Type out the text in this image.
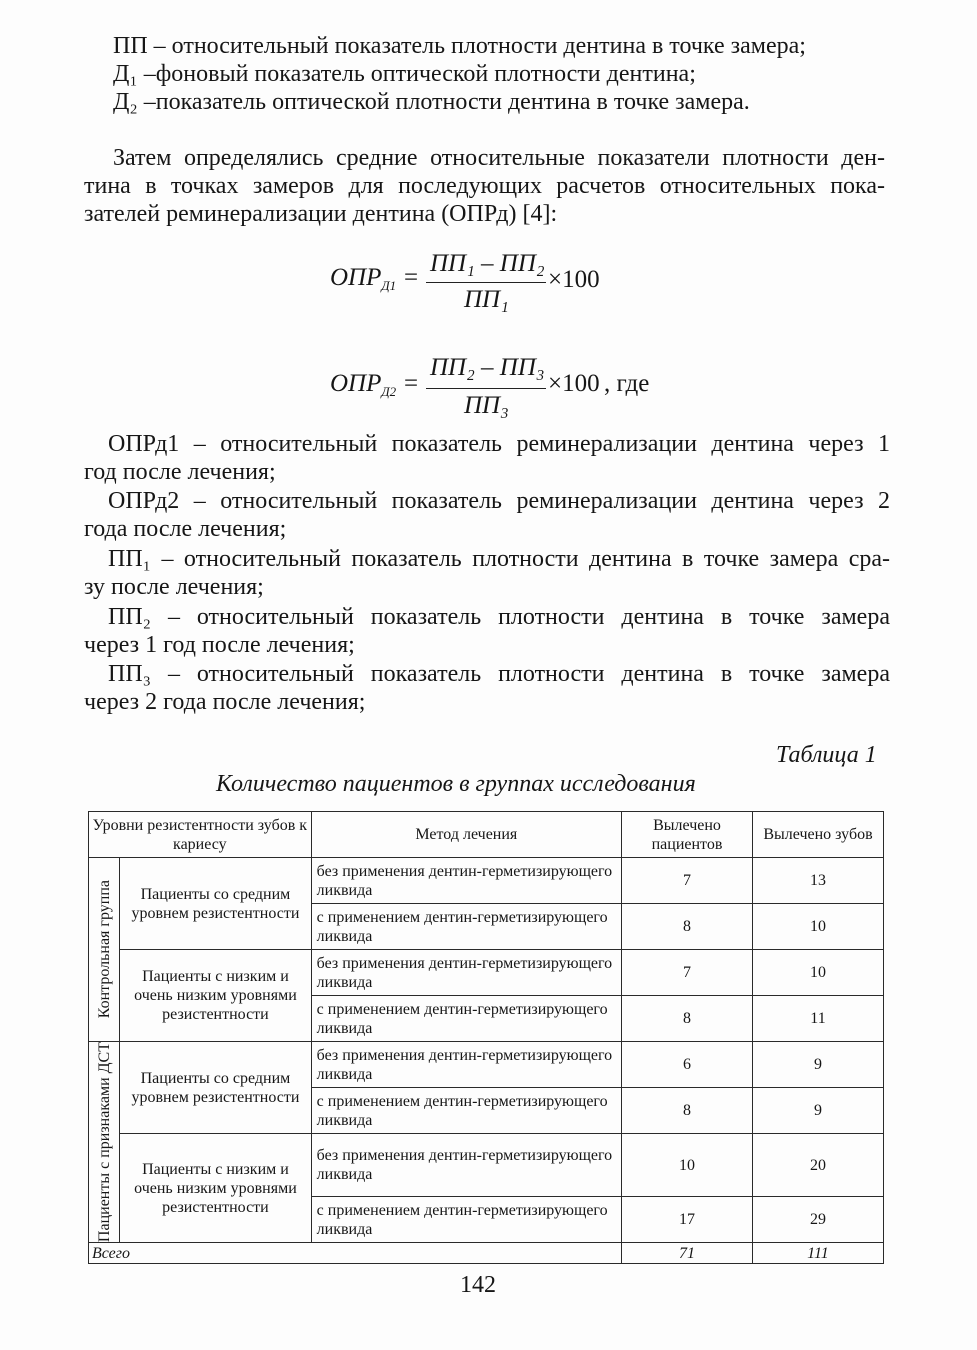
ПП – относительный показатель плотности дентина в точке замера;
Д₁ –фоновый показатель оптической плотности дентина;
Д₂ –показатель оптической плотности дентина в точке замера.
Затем определялись средние относительные показатели плотности ден-
тина в точках замеров для последующих расчетов относительных пока-
зателей реминерализации дентина (ОПРд) [4]:
$ОПР_{Д1}$ =
ПП₁ – ПП₂
ПП₁
×100
$ОПР_{Д2}$ =
ПП₂ – ПП₃
ПП₃
×100 , где
ОПРд1 – относительный показатель реминерализации дентина через 1
год после лечения;
ОПРд2 – относительный показатель реминерализации дентина через 2
года после лечения;
ПП₁ – относительный показатель плотности дентина в точке замера сра-
зу после лечения;
ПП₂ – относительный показатель плотности дентина в точке замера
через 1 год после лечения;
ПП₃ – относительный показатель плотности дентина в точке замера
через 2 года после лечения;
Таблица 1
Количество пациентов в группах исследования
Уровни резистентности зубов к кариесу		Метод лечения	Вылечено пациентов	Вылечено зубов

Контрольная группа	Пациенты со средним уровнем резистентности	без применения дентин-герметизирующего ликвида	7	13
		с применением дентин-герметизирующего ликвида	8	10
	Пациенты с низким и очень низким уровнями резистентности	без применения дентин-герметизирующего ликвида	7	10
		с применением дентин-герметизирующего ликвида	8	11

Пациенты с признаками ДСТ	Пациенты со средним уровнем резистентности	без применения дентин-герметизирующего ликвида	6	9
		с применением дентин-герметизирующего ликвида	8	9
	Пациенты с низким и очень низким уровнями резистентности	без применения дентин-герметизирующего ликвида	10	20
		с применением дентин-герметизирующего ликвида	17	29
Всего			71	111
142
